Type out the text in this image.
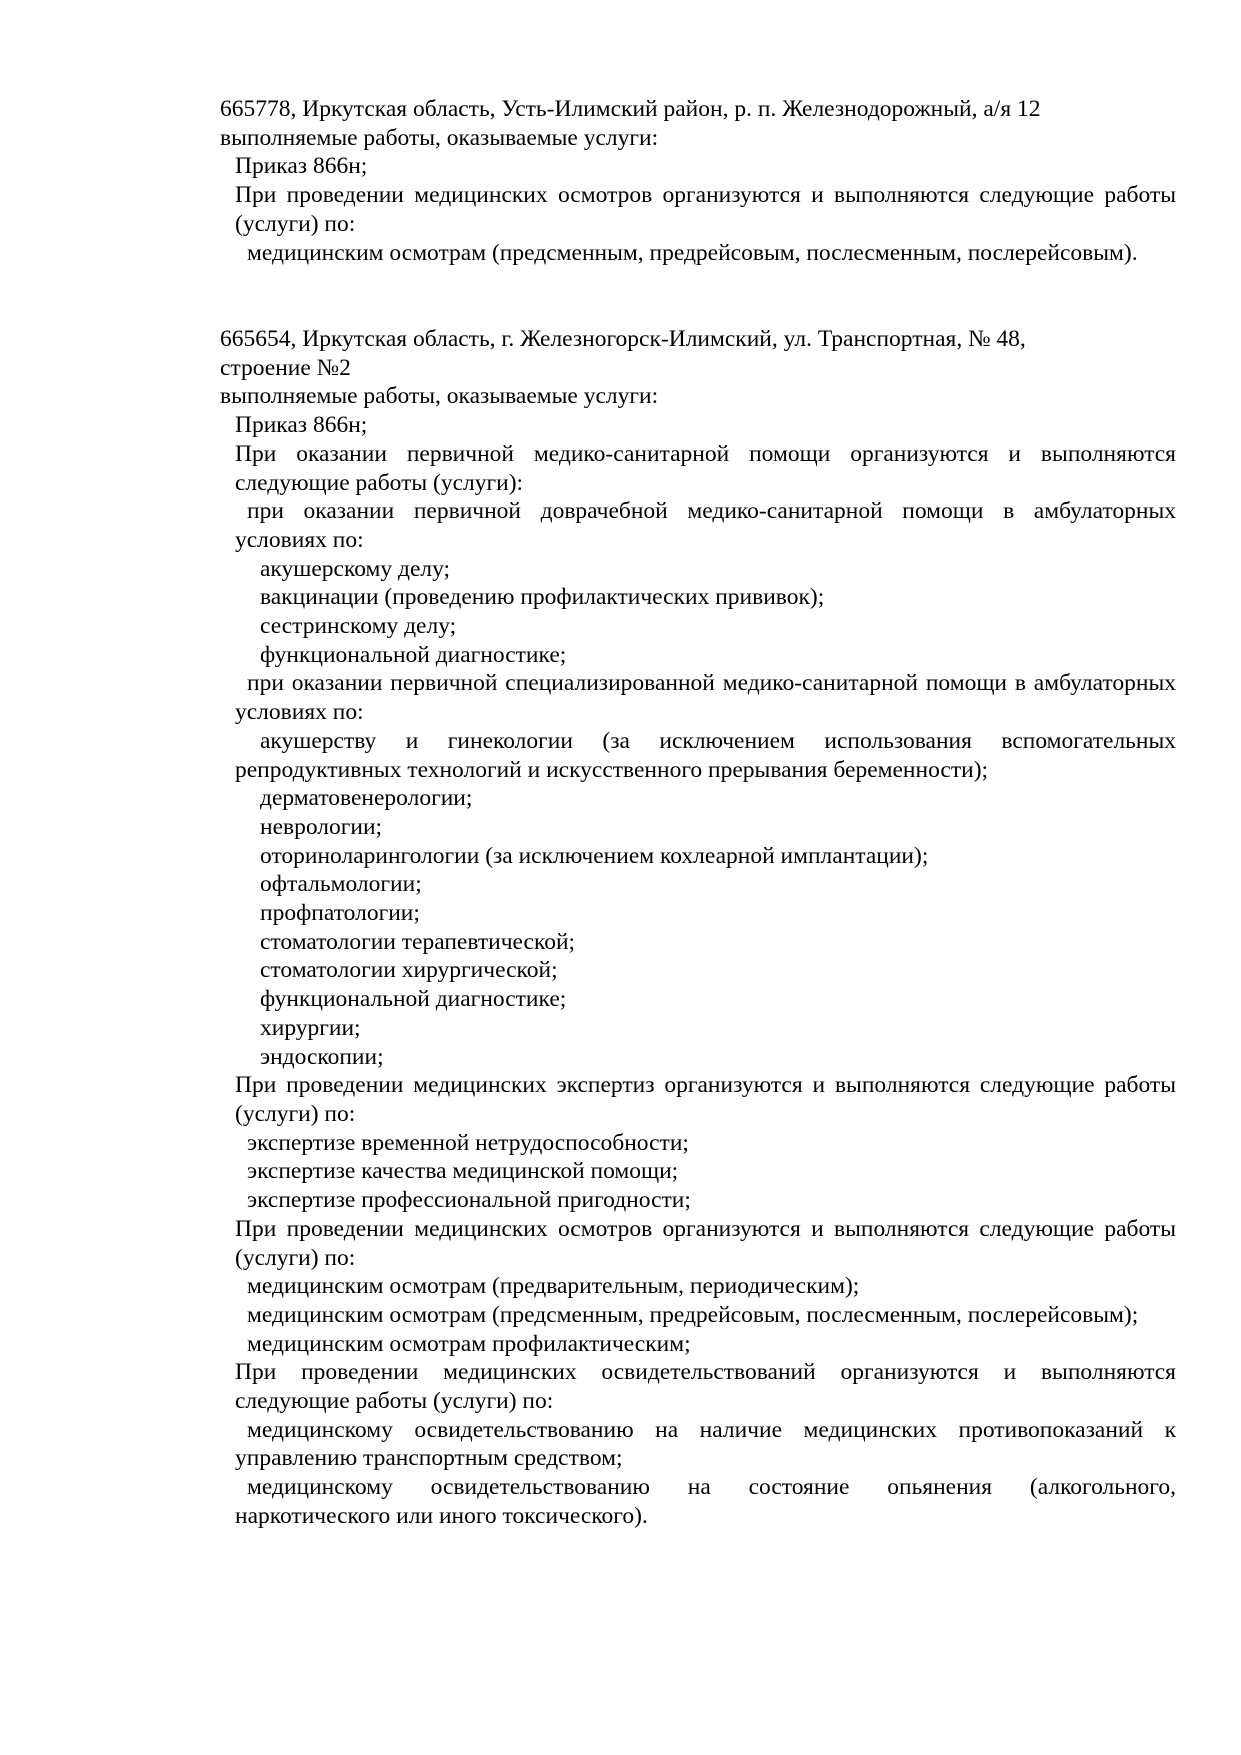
665778, Иркутская область, Усть-Илимский район, р. п. Железнодорожный, а/я 12
выполняемые работы, оказываемые услуги:
Приказ 866н;
При проведении медицинских осмотров организуются и выполняются следующие работы (услуги) по:
медицинским осмотрам (предсменным, предрейсовым, послесменным, послерейсовым).
665654, Иркутская область, г. Железногорск-Илимский, ул. Транспортная, № 48,
строение №2
выполняемые работы, оказываемые услуги:
Приказ 866н;
При оказании первичной медико-санитарной помощи организуются и выполняются следующие работы (услуги):
при оказании первичной доврачебной медико-санитарной помощи в амбулаторных условиях по:
акушерскому делу;
вакцинации (проведению профилактических прививок);
сестринскому делу;
функциональной диагностике;
при оказании первичной специализированной медико-санитарной помощи в амбулаторных условиях по:
акушерству и гинекологии (за исключением использования вспомогательных репродуктивных технологий и искусственного прерывания беременности);
дерматовенерологии;
неврологии;
оториноларингологии (за исключением кохлеарной имплантации);
офтальмологии;
профпатологии;
стоматологии терапевтической;
стоматологии хирургической;
функциональной диагностике;
хирургии;
эндоскопии;
При проведении медицинских экспертиз организуются и выполняются следующие работы (услуги) по:
экспертизе временной нетрудоспособности;
экспертизе качества медицинской помощи;
экспертизе профессиональной пригодности;
При проведении медицинских осмотров организуются и выполняются следующие работы (услуги) по:
медицинским осмотрам (предварительным, периодическим);
медицинским осмотрам (предсменным, предрейсовым, послесменным, послерейсовым);
медицинским осмотрам профилактическим;
При проведении медицинских освидетельствований организуются и выполняются следующие работы (услуги) по:
медицинскому освидетельствованию на наличие медицинских противопоказаний к управлению транспортным средством;
медицинскому освидетельствованию на состояние опьянения (алкогольного, наркотического или иного токсического).
